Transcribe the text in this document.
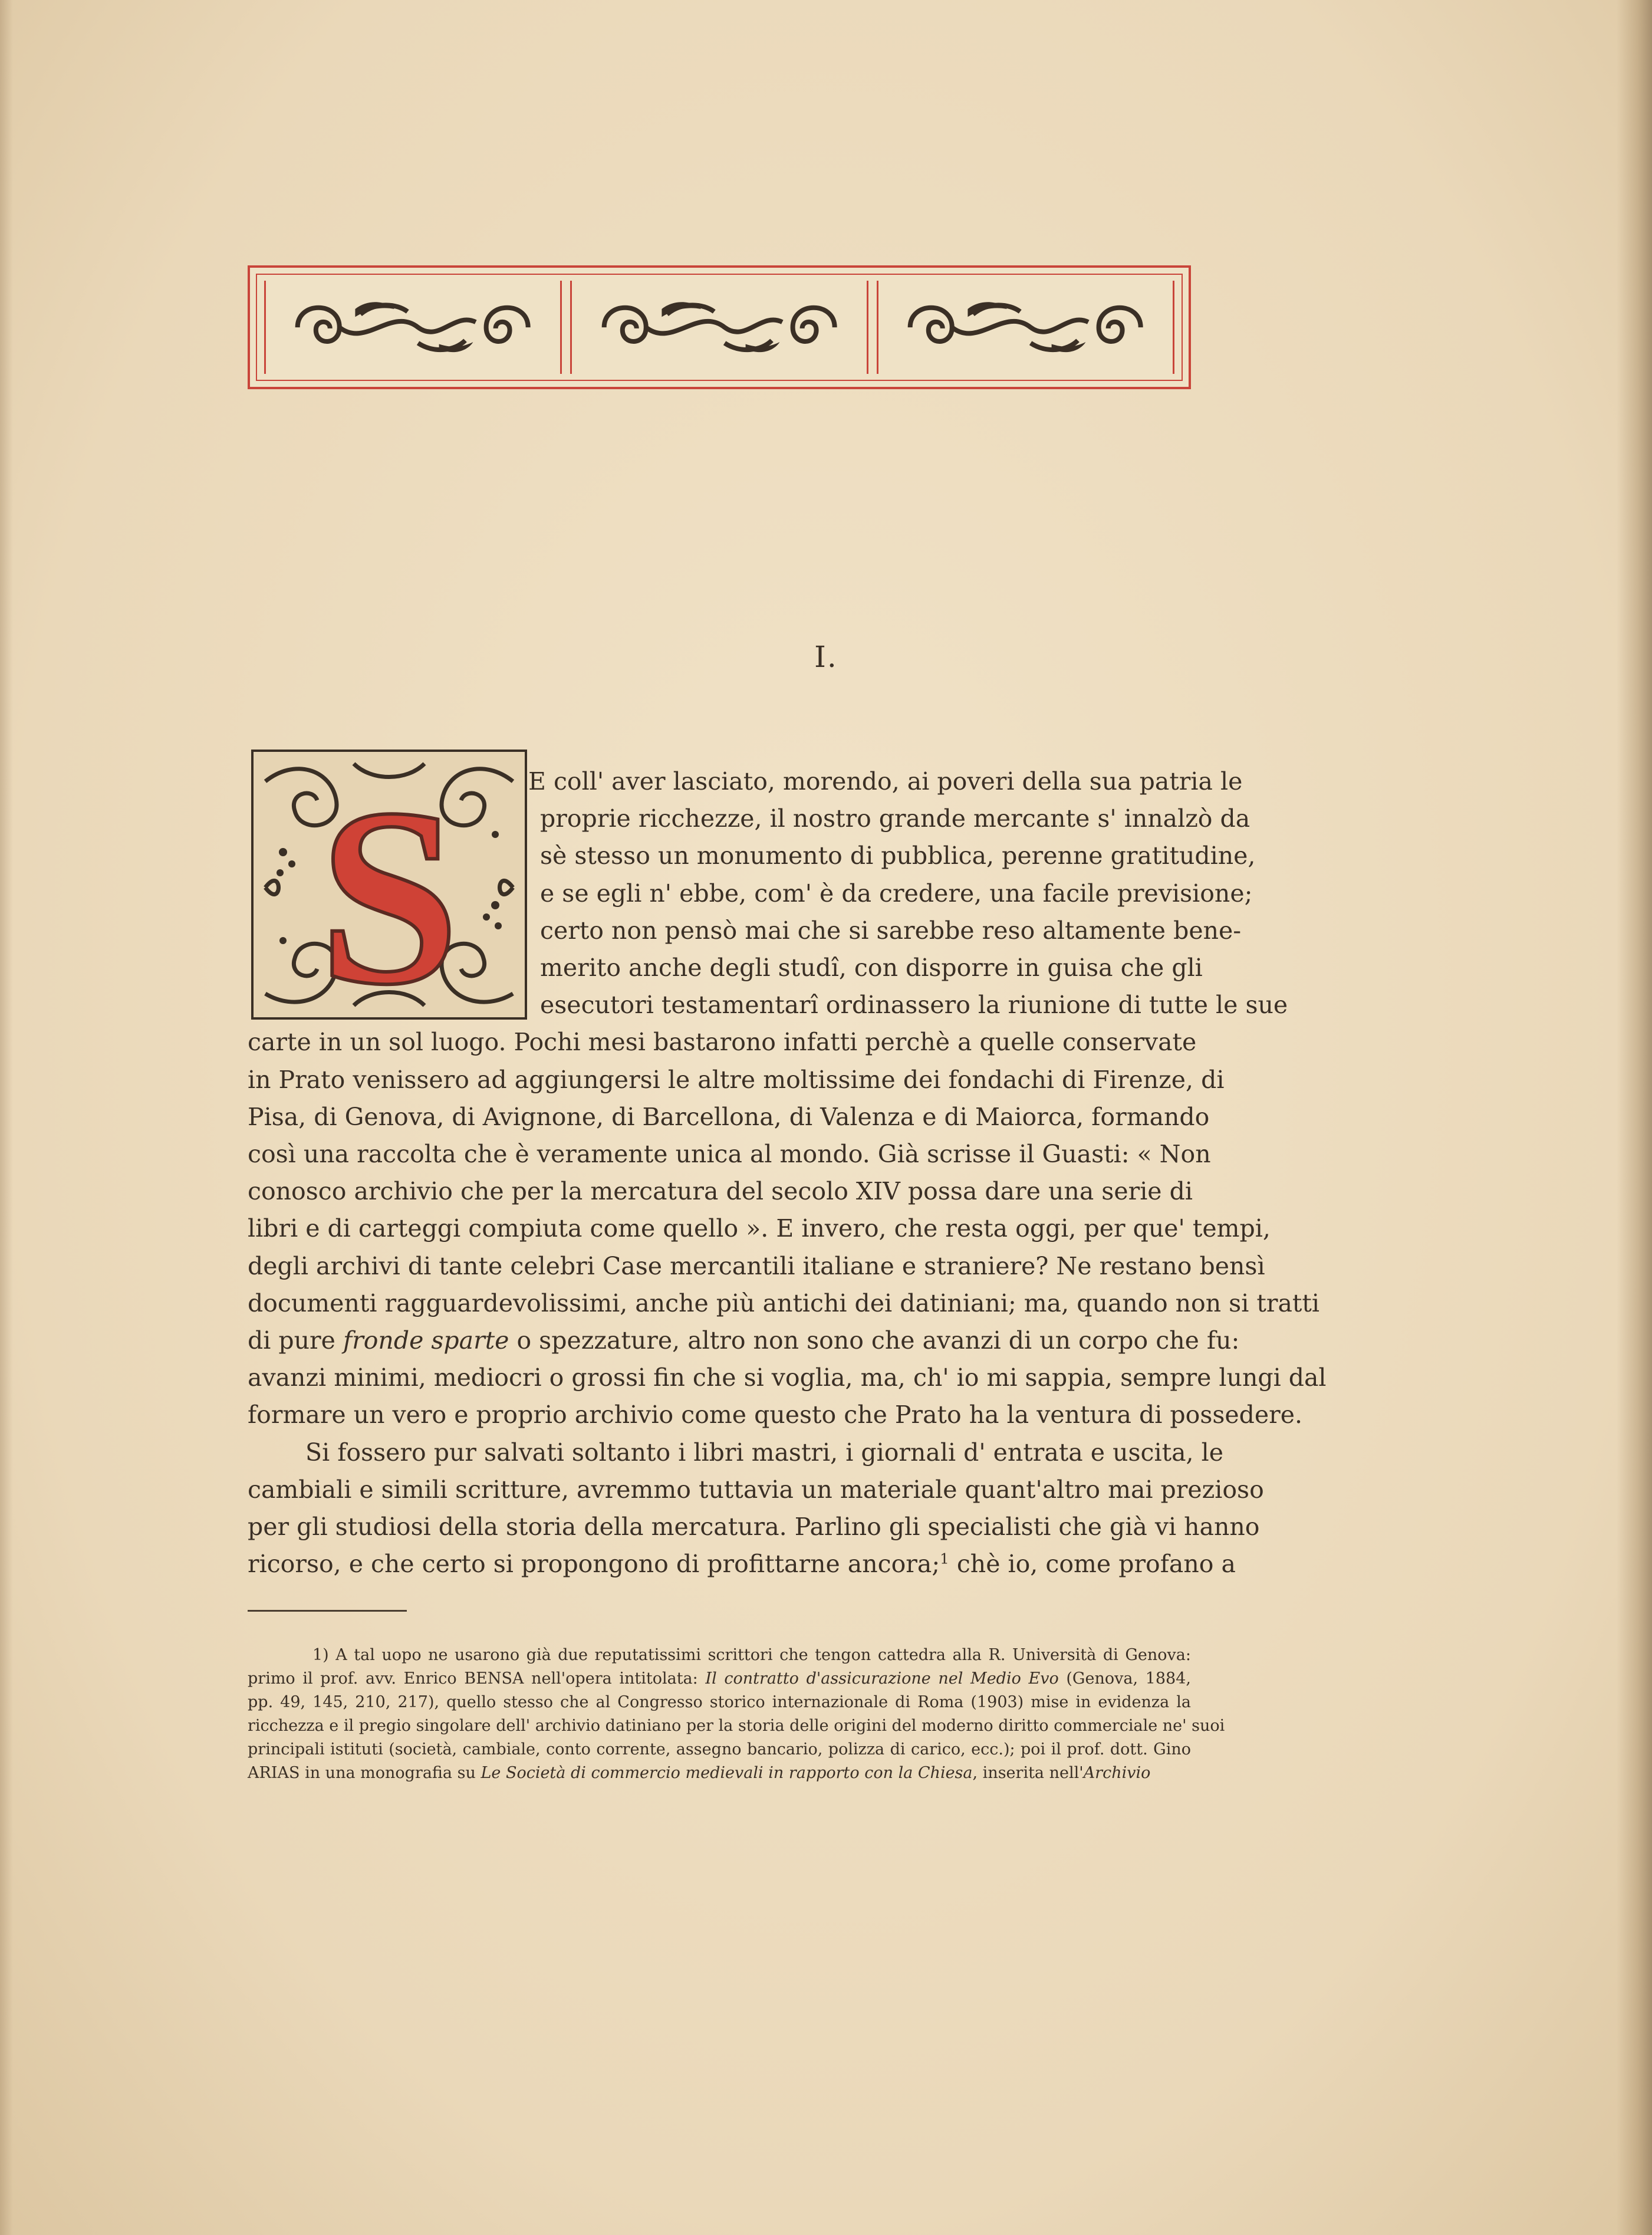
I.
S	E coll' aver lasciato, morendo, ai poveri della sua patria le
proprie ricchezze, il nostro grande mercante s' innalzò da
sè stesso un monumento di pubblica, perenne gratitudine,
e se egli n' ebbe, com' è da credere, una facile previsione;
certo non pensò mai che si sarebbe reso altamente bene-
merito anche degli studî, con disporre in guisa che gli
esecutori testamentarî ordinassero la riunione di tutte le sue
carte in un sol luogo. Pochi mesi bastarono infatti perchè a quelle conservate
in Prato venissero ad aggiungersi le altre moltissime dei fondachi di Firenze, di
Pisa, di Genova, di Avignone, di Barcellona, di Valenza e di Maiorca, formando
così una raccolta che è veramente unica al mondo. Già scrisse il Guasti: « Non
conosco archivio che per la mercatura del secolo XIV possa dare una serie di
libri e di carteggi compiuta come quello ». E invero, che resta oggi, per que' tempi,
degli archivi di tante celebri Case mercantili italiane e straniere? Ne restano bensì
documenti ragguardevolissimi, anche più antichi dei datiniani; ma, quando non si tratti
di pure fronde sparte o spezzature, altro non sono che avanzi di un corpo che fu:
avanzi minimi, mediocri o grossi fin che si voglia, ma, ch' io mi sappia, sempre lungi dal
formare un vero e proprio archivio come questo che Prato ha la ventura di possedere.
Si fossero pur salvati soltanto i libri mastri, i giornali d' entrata e uscita, le
cambiali e simili scritture, avremmo tuttavia un materiale quant'altro mai prezioso
per gli studiosi della storia della mercatura. Parlino gli specialisti che già vi hanno
ricorso, e che certo si propongono di profittarne ancora;$^1$ chè io, come profano a
1) A tal uopo ne usarono già due reputatissimi scrittori che tengon cattedra alla R. Università di Genova:
primo il prof. avv. Enrico BENSA nell'opera intitolata: Il contratto d'assicurazione nel Medio Evo (Genova, 1884,
pp. 49, 145, 210, 217), quello stesso che al Congresso storico internazionale di Roma (1903) mise in evidenza la
ricchezza e il pregio singolare dell' archivio datiniano per la storia delle origini del moderno diritto commerciale ne' suoi
principali istituti (società, cambiale, conto corrente, assegno bancario, polizza di carico, ecc.); poi il prof. dott. Gino
ARIAS in una monografia su Le Società di commercio medievali in rapporto con la Chiesa, inserita nell'Archivio
